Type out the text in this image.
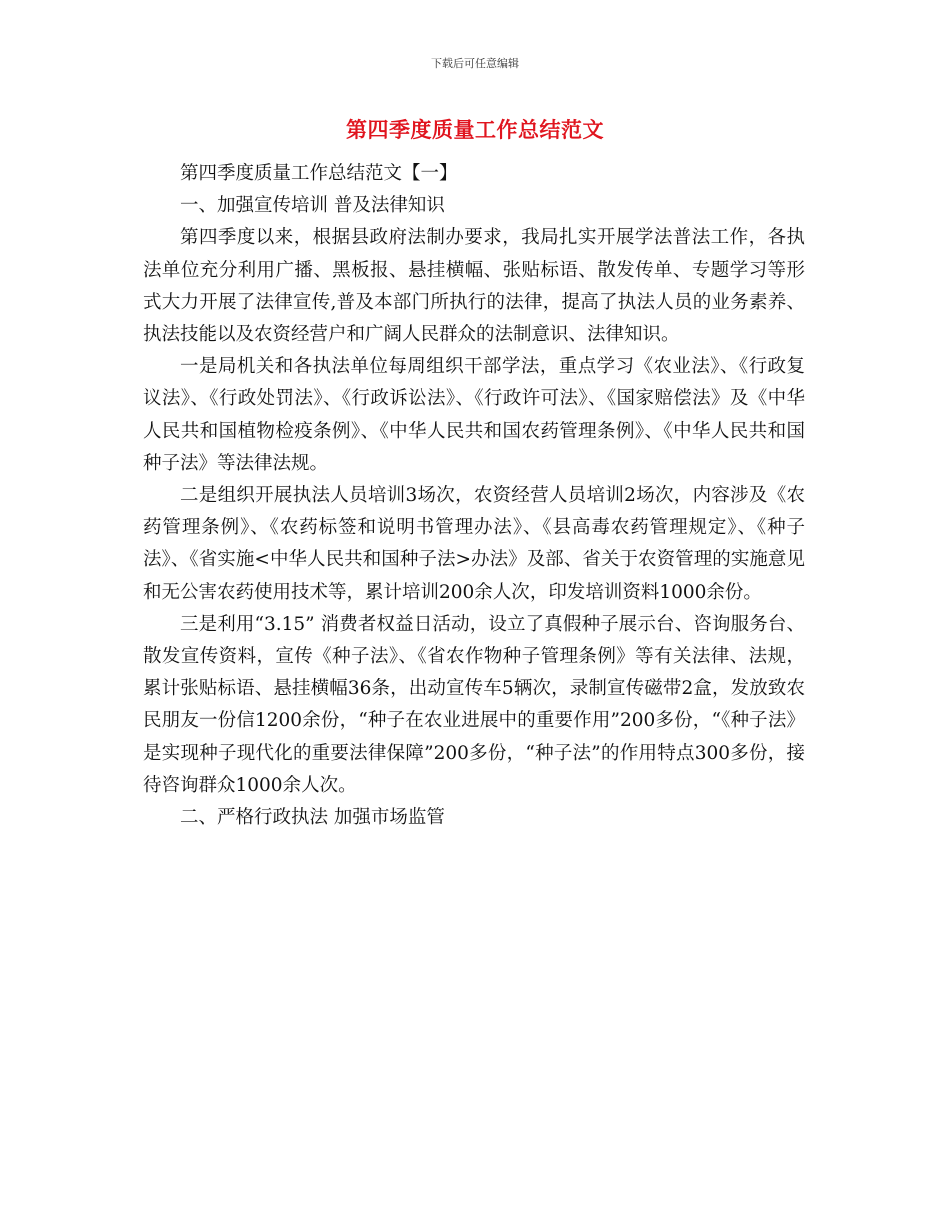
下载后可任意编辑
第四季度质量工作总结范文

第四季度质量工作总结范文【一】

一、加强宣传培训 普及法律知识

第四季度以来，根据县政府法制办要求，我局扎实开展学法普法工作，各执法单位充分利用广播、黑板报、悬挂横幅、张贴标语、散发传单、专题学习等形式大力开展了法律宣传,普及本部门所执行的法律，提高了执法人员的业务素养、执法技能以及农资经营户和广阔人民群众的法制意识、法律知识。

一是局机关和各执法单位每周组织干部学法，重点学习《农业法》、《行政复议法》、《行政处罚法》、《行政诉讼法》、《行政许可法》、《国家赔偿法》及《中华人民共和国植物检疫条例》、《中华人民共和国农药管理条例》、《中华人民共和国种子法》等法律法规。

二是组织开展执法人员培训3场次，农资经营人员培训2场次，内容涉及《农药管理条例》、《农药标签和说明书管理办法》、《县高毒农药管理规定》、《种子法》、《省实施<中华人民共和国种子法>办法》及部、省关于农资管理的实施意见和无公害农药使用技术等，累计培训200余人次，印发培训资料1000余份。

三是利用“3.15” 消费者权益日活动，设立了真假种子展示台、咨询服务台、散发宣传资料，宣传《种子法》、《省农作物种子管理条例》等有关法律、法规，累计张贴标语、悬挂横幅36条，出动宣传车5辆次，录制宣传磁带2盒，发放致农民朋友一份信1200余份，“种子在农业进展中的重要作用”200多份，“《种子法》是实现种子现代化的重要法律保障”200多份，“种子法”的作用特点300多份，接待咨询群众1000余人次。

二、严格行政执法 加强市场监管
